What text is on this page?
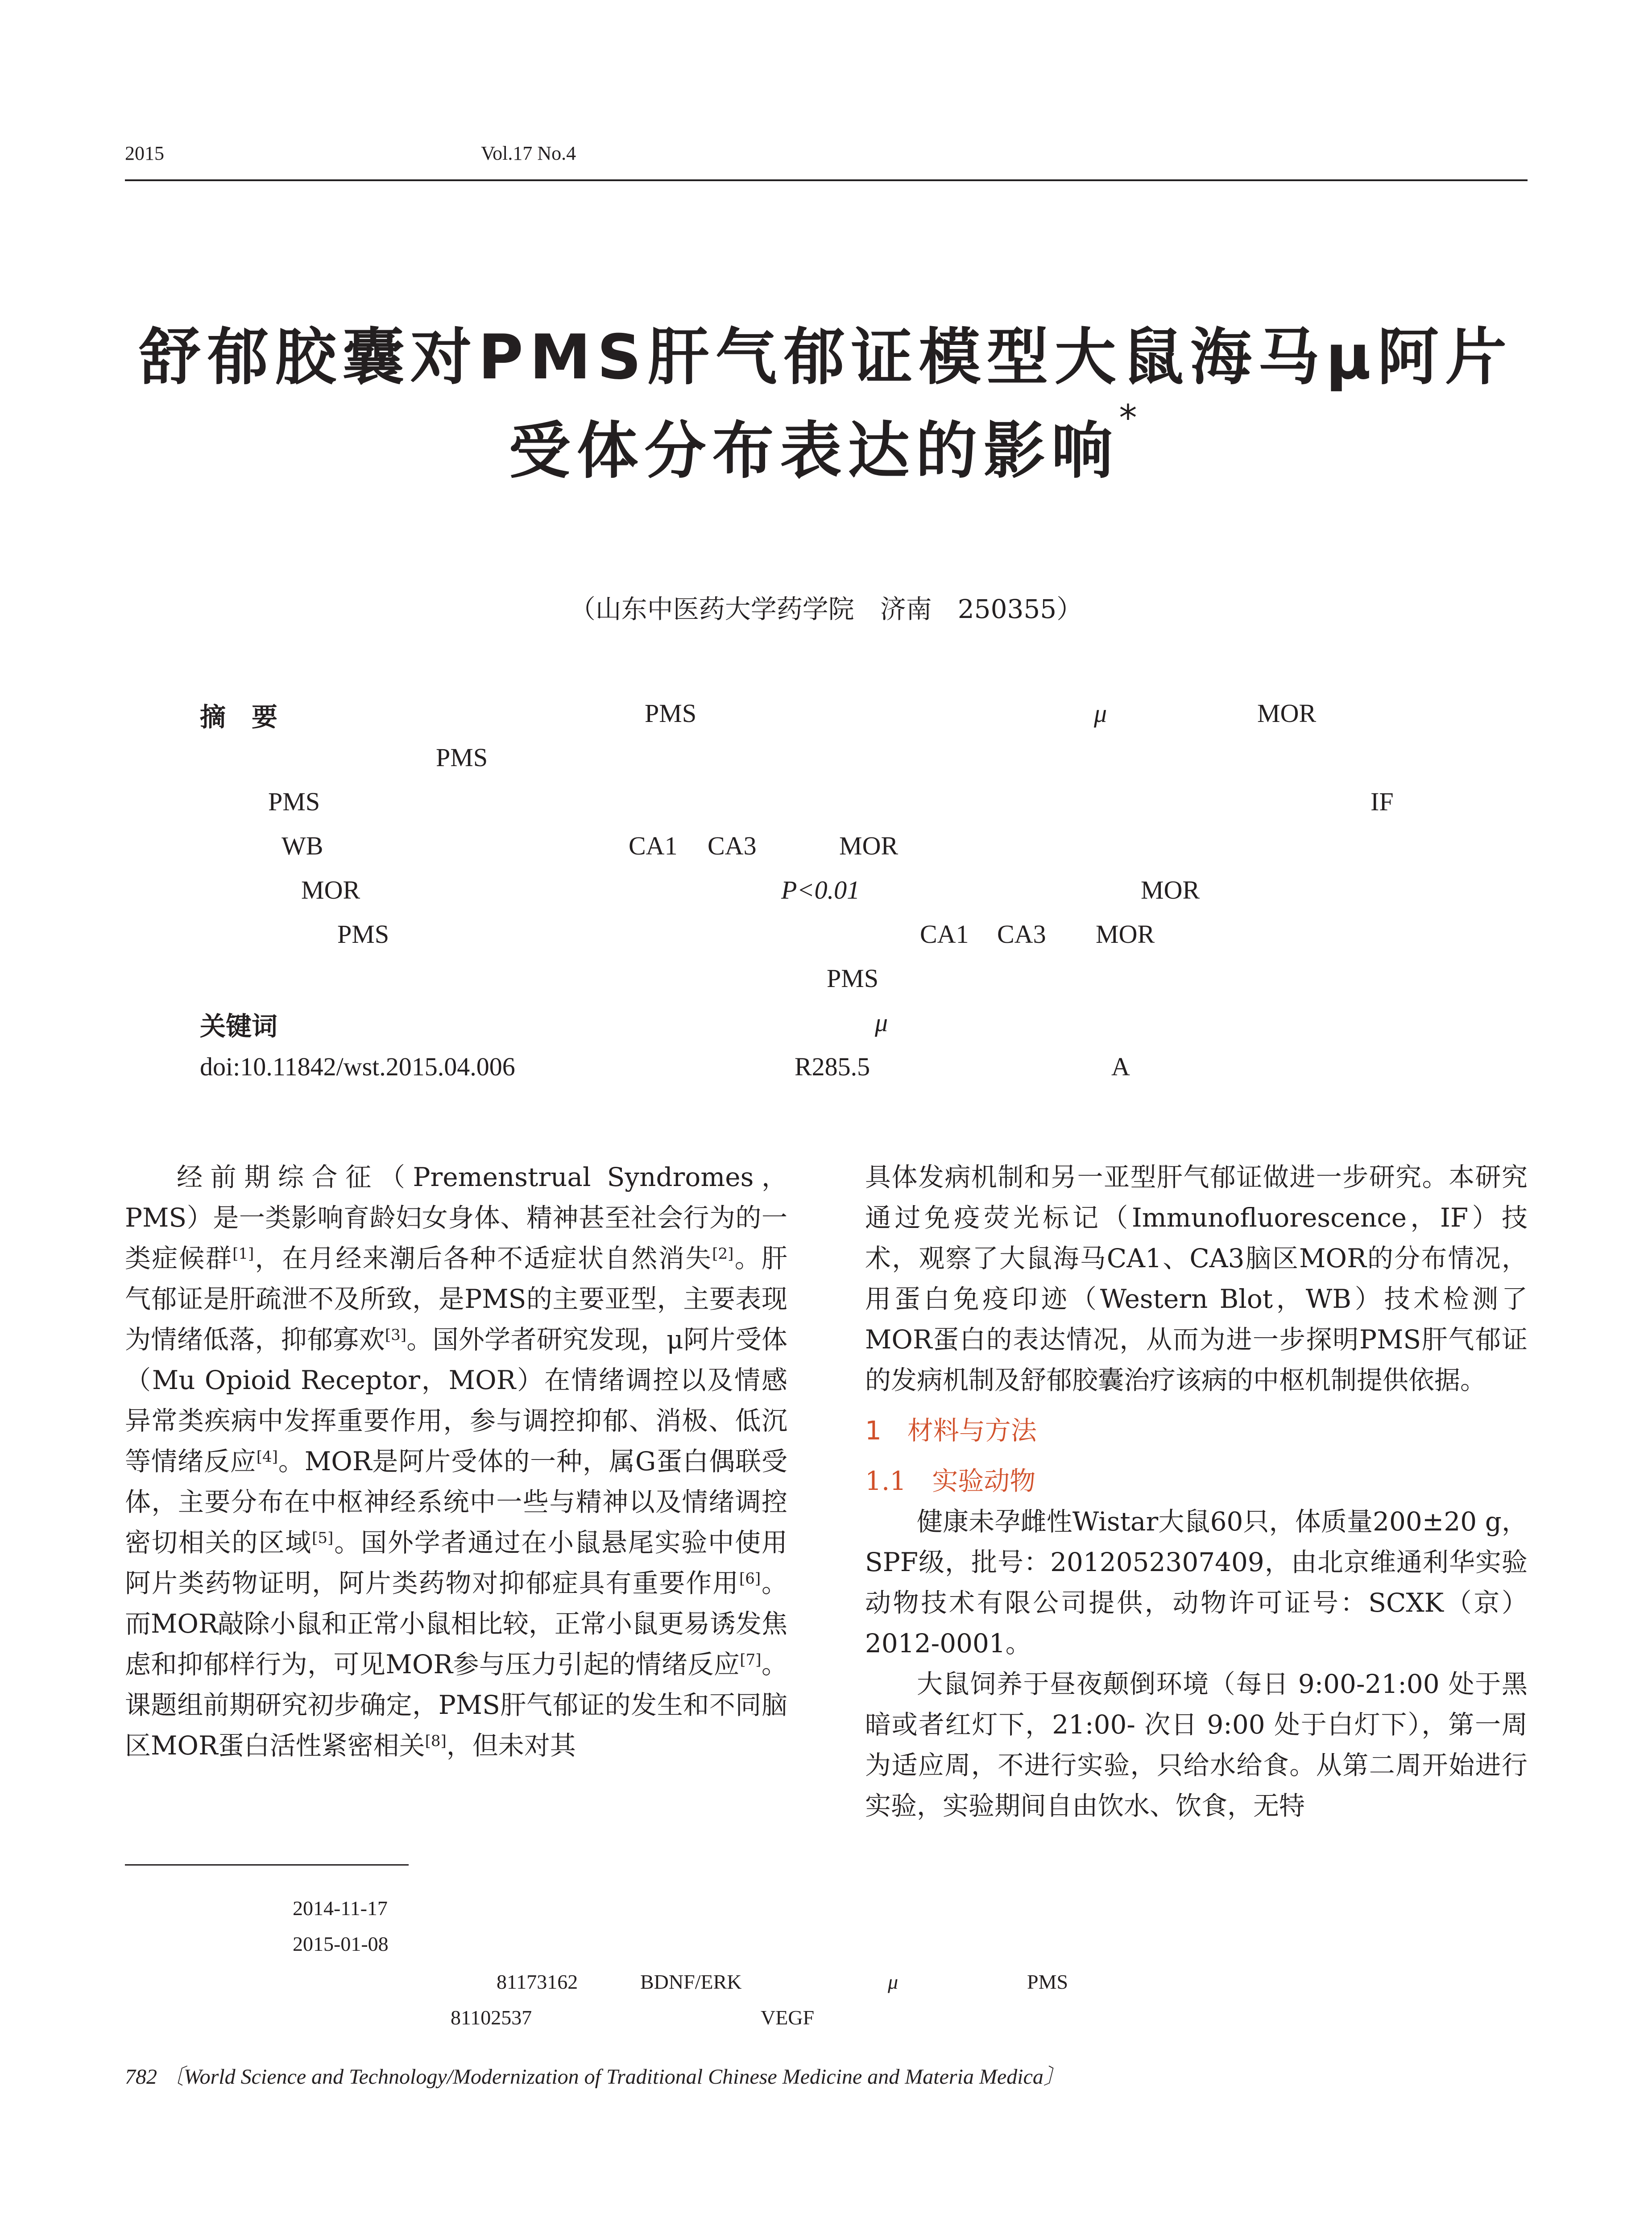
2015	Vol.17 No.4
舒郁胶囊对PMS肝气郁证模型大鼠海马μ阿片
受体分布表达的影响*
（山东中医药大学药学院　济南　250355）
摘　要	PMS	μ	MOR
PMS
PMS	IF
WB	CA1 CA3	MOR
MOR	P<0.01	MOR
PMS	CA1 CA3 MOR
PMS
关键词	μ
doi:10.11842/wst.2015.04.006	R285.5	A

经前期综合征（Premenstrual Syndromes，PMS）是一类影响育龄妇女身体、精神甚至社会行为的一类症候群[1]，在月经来潮后各种不适症状自然消失[2]。肝气郁证是肝疏泄不及所致，是PMS的主要亚型，主要表现为情绪低落，抑郁寡欢[3]。国外学者研究发现，μ阿片受体（Mu Opioid Receptor，MOR）在情绪调控以及情感异常类疾病中发挥重要作用，参与调控抑郁、消极、低沉等情绪反应[4]。MOR是阿片受体的一种，属G蛋白偶联受体，主要分布在中枢神经系统中一些与精神以及情绪调控密切相关的区域[5]。国外学者通过在小鼠悬尾实验中使用阿片类药物证明，阿片类药物对抑郁症具有重要作用[6]。而MOR敲除小鼠和正常小鼠相比较，正常小鼠更易诱发焦虑和抑郁样行为，可见MOR参与压力引起的情绪反应[7]。课题组前期研究初步确定，PMS肝气郁证的发生和不同脑区MOR蛋白活性紧密相关[8]，但未对其

具体发病机制和另一亚型肝气郁证做进一步研究。本研究通过免疫荧光标记（Immunofluorescence，IF）技术，观察了大鼠海马CA1、CA3脑区MOR的分布情况，用蛋白免疫印迹（Western Blot，WB）技术检测了MOR蛋白的表达情况，从而为进一步探明PMS肝气郁证的发病机制及舒郁胶囊治疗该病的中枢机制提供依据。

1　材料与方法

1.1　实验动物

健康未孕雌性Wistar大鼠60只，体质量200±20 g，SPF级，批号：2012052307409，由北京维通利华实验动物技术有限公司提供，动物许可证号：SCXK（京）2012-0001。

大鼠饲养于昼夜颠倒环境（每日 9:00-21:00 处于黑暗或者红灯下，21:00- 次日 9:00 处于白灯下），第一周为适应周，不进行实验，只给水给食。从第二周开始进行实验，实验期间自由饮水、饮食，无特

2014-11-17
2015-01-08
81173162	BDNF/ERK	μ	PMS
81102537	VEGF
782 〔World Science and Technology/Modernization of Traditional Chinese Medicine and Materia Medica〕
